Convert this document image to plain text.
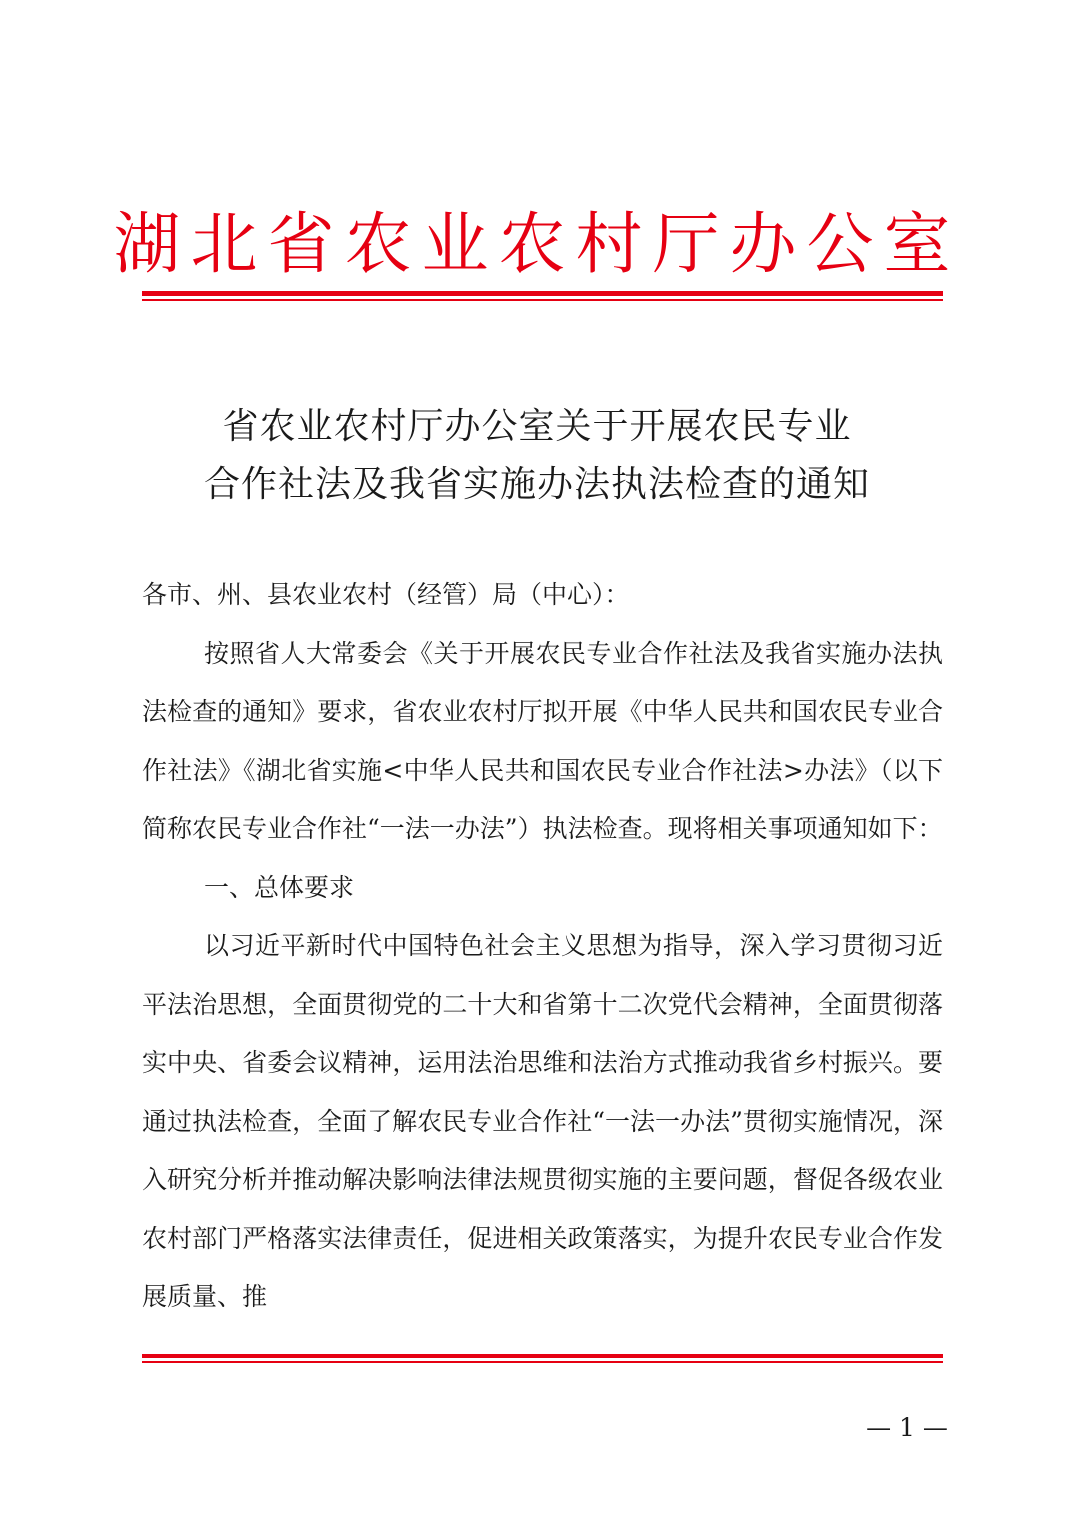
湖北省农业农村厅办公室
省农业农村厅办公室关于开展农民专业
合作社法及我省实施办法执法检查的通知

各市、州、县农业农村（经管）局（中心）：

按照省人大常委会《关于开展农民专业合作社法及我省实施办法执法检查的通知》要求，省农业农村厅拟开展《中华人民共和国农民专业合作社法》《湖北省实施<中华人民共和国农民专业合作社法>办法》（以下简称农民专业合作社“一法一办法”）执法检查。现将相关事项通知如下：

一、总体要求

以习近平新时代中国特色社会主义思想为指导，深入学习贯彻习近平法治思想，全面贯彻党的二十大和省第十二次党代会精神，全面贯彻落实中央、省委会议精神，运用法治思维和法治方式推动我省乡村振兴。要通过执法检查，全面了解农民专业合作社“一法一办法”贯彻实施情况，深入研究分析并推动解决影响法律法规贯彻实施的主要问题，督促各级农业农村部门严格落实法律责任，促进相关政策落实，为提升农民专业合作发展质量、推

— 1 —
